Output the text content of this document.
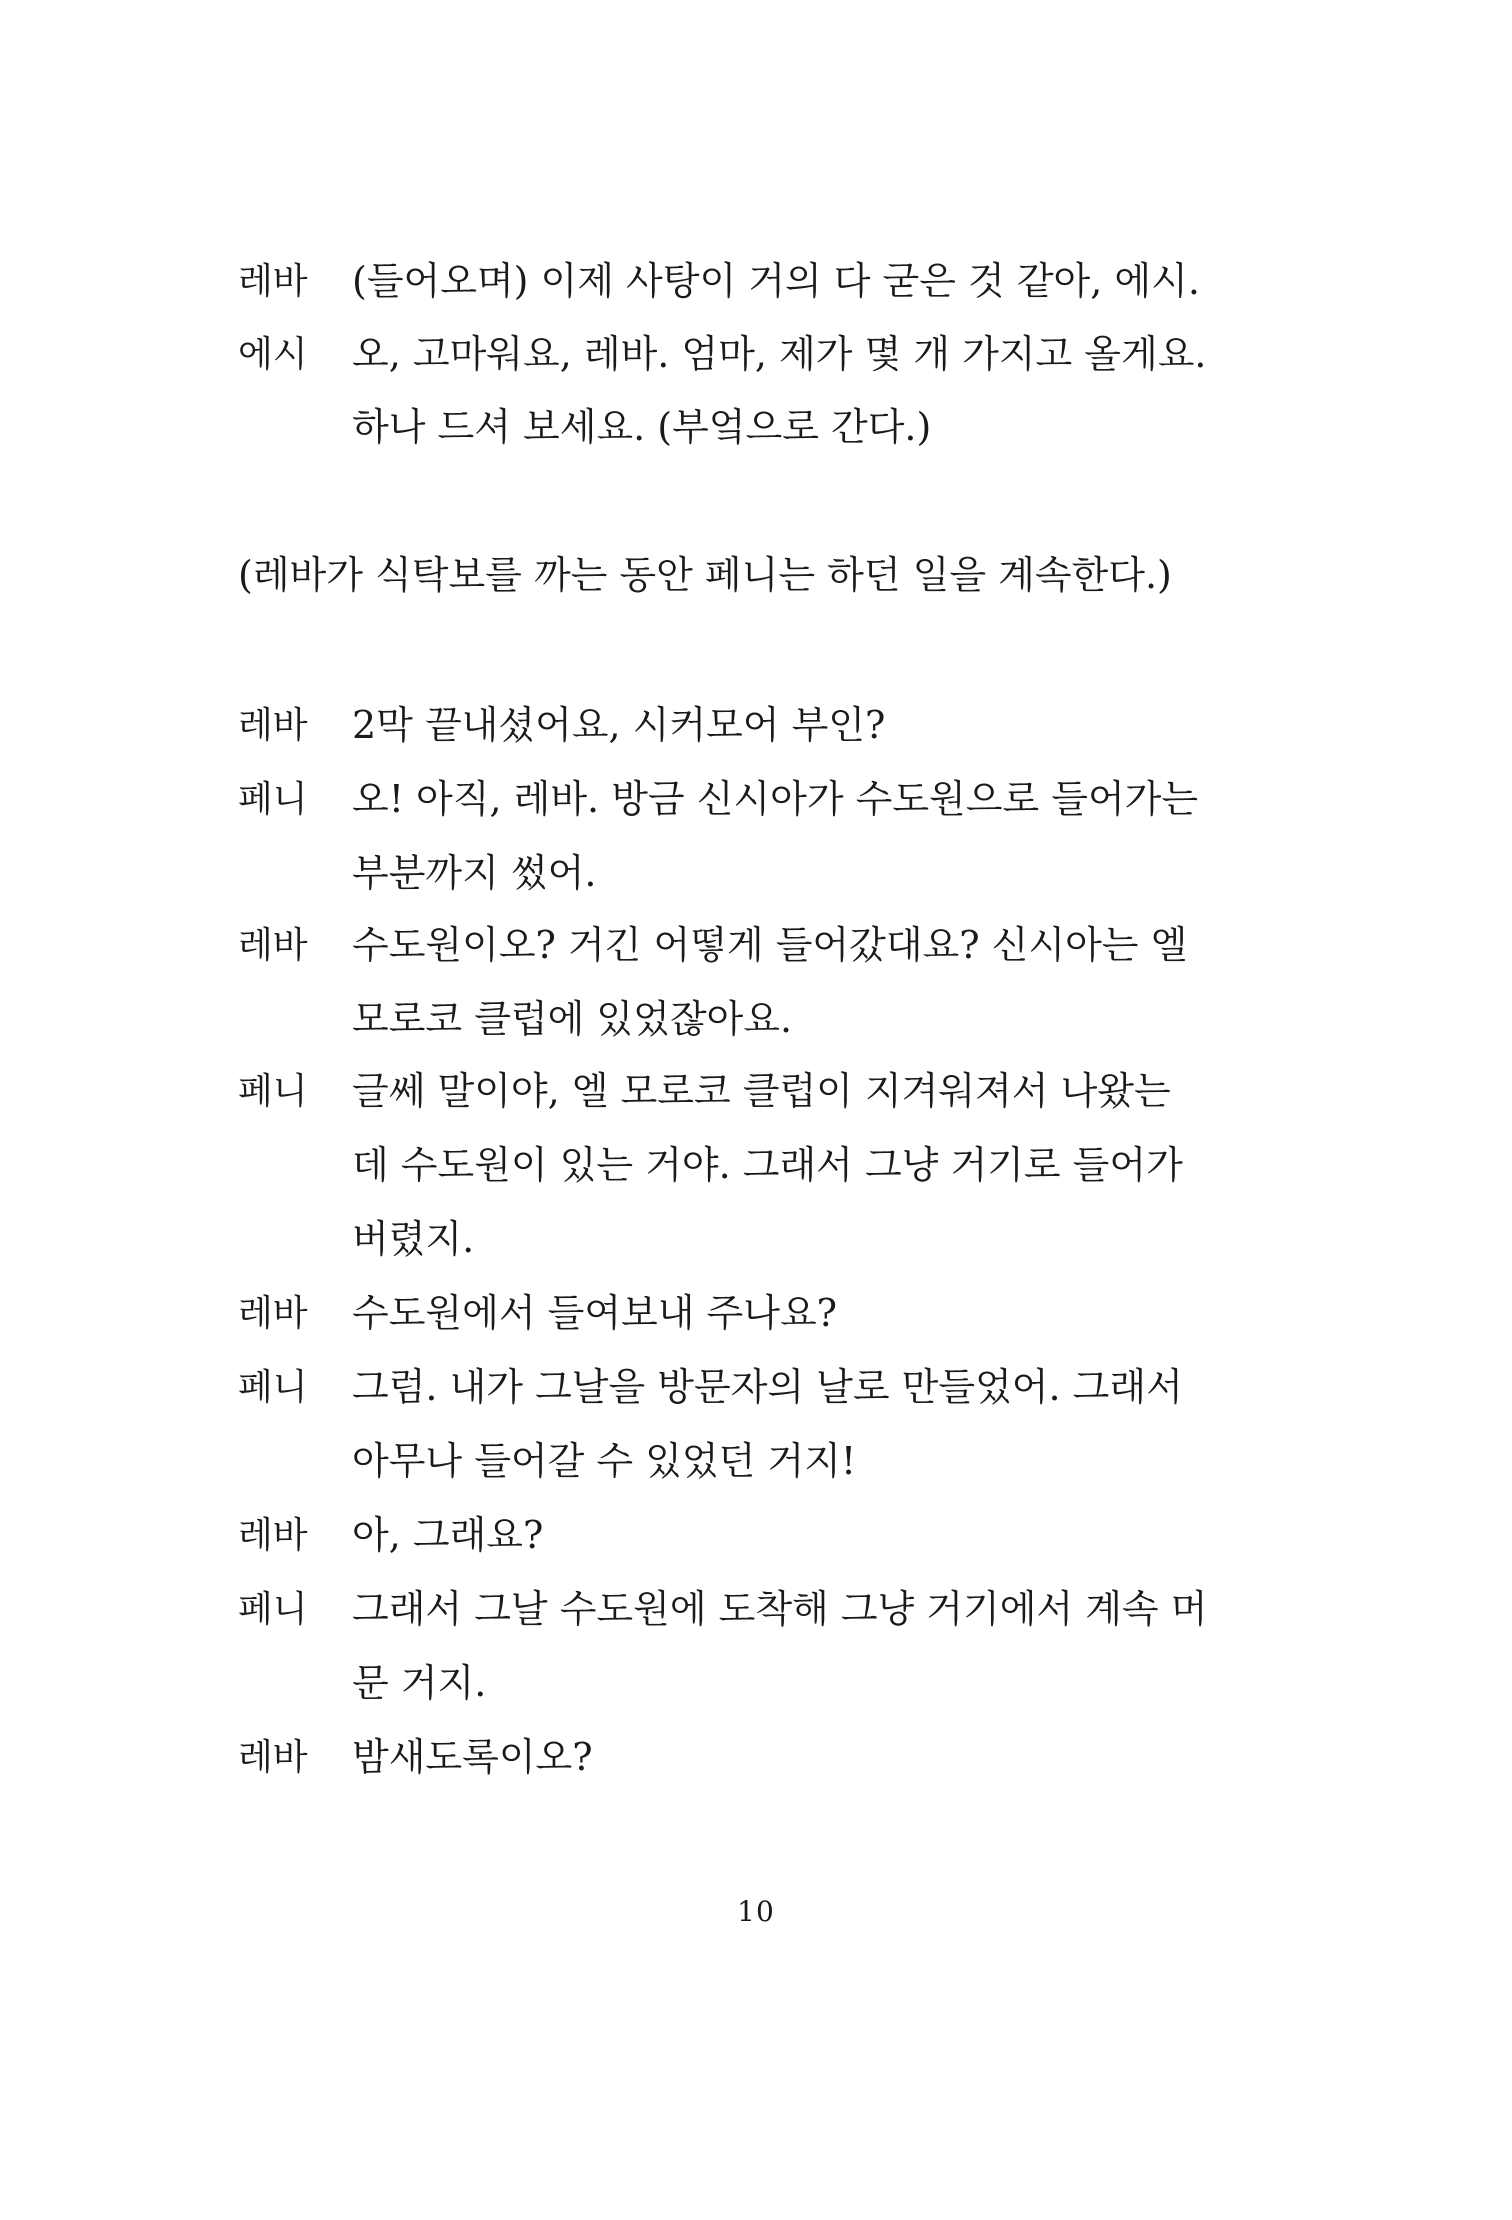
레바 (들어오며) 이제 사탕이 거의 다 굳은 것 같아, 에시.
에시 오, 고마워요, 레바. 엄마, 제가 몇 개 가지고 올게요.
하나 드셔 보세요. (부엌으로 간다.)
(레바가 식탁보를 까는 동안 페니는 하던 일을 계속한다.)
레바 2막 끝내셨어요, 시커모어 부인?
페니 오! 아직, 레바. 방금 신시아가 수도원으로 들어가는
부분까지 썼어.
레바 수도원이오? 거긴 어떻게 들어갔대요? 신시아는 엘
모로코 클럽에 있었잖아요.
페니 글쎄 말이야, 엘 모로코 클럽이 지겨워져서 나왔는
데 수도원이 있는 거야. 그래서 그냥 거기로 들어가
버렸지.
레바 수도원에서 들여보내 주나요?
페니 그럼. 내가 그날을 방문자의 날로 만들었어. 그래서
아무나 들어갈 수 있었던 거지!
레바 아, 그래요?
페니 그래서 그날 수도원에 도착해 그냥 거기에서 계속 머
문 거지.
레바 밤새도록이오?
10
